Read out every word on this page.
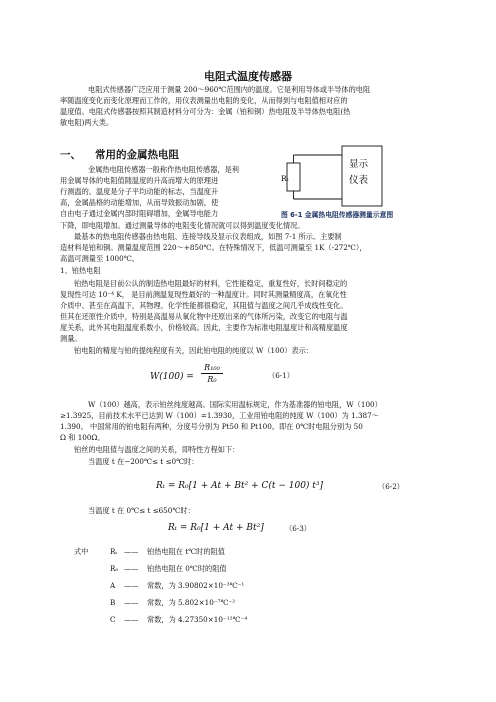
电阻式温度传感器
电阻式传感器广泛应用于测量 200～960℃范围内的温度。它是利用导体或半导体的电阻
率随温度变化而变化原理而工作的，用仪表测量出电阻的变化，从而得到与电阻值相对应的
温度值。电阻式传感器按照其制造材料分可分为：金属（铂和铜）热电阻及半导体热电阻(热
敏电阻)两大类。
一、 常用的金属热电阻
金属热电阻传感器一般称作热电阻传感器，是利
用金属导体的电阻值随温度的升高而增大的原理进
行测温的。温度是分子平均动能的标志，当温度升
高，金属晶格的动能增加，从而导致振动加剧，使
自由电子通过金属内部时阻碍增加，金属导电能力
Rₜ
显示
仪表
图 6-1 金属热电阻传感器测量示意图
下降，即电阻增加。通过测量导体的电阻变化情况就可以得到温度变化情况。
最基本的热电阻传感器由热电阻、连接导线及显示仪表组成，如图 7-1 所示。主要制
造材料是铂和铜。测量温度范围 220～+850℃。在特殊情况下，低温可测量至 1K（-272℃），
高温可测量至 1000℃。
1、铂热电阻
铂热电阻是目前公认的制造热电阻最好的材料，它性能稳定，重复性好，长时间稳定的
复现性可达 10⁻⁴ K， 是目前测温复现性最好的一种温度计。同时其测量精度高，在氧化性
介质中、甚至在高温下，其物理、化学性能都很稳定，其阻值与温度之间几乎成线性变化。
但其在还原性介质中，特别是高温易从氧化物中还原出来的气体所污染，改变它的电阻与温
度关系，此外其电阻温度系数小，价格较高。因此，主要作为标准电阻温度计和高精度温度
测量。
铂电阻的精度与铂的提纯程度有关，因此铂电阻的纯度以 W（100）表示：
W(100) =
R₁₀₀
R₀	（6-1）
W（100）越高，表示铂丝纯度越高。国际实用温标规定，作为基准器的铂电阻，W（100）
≥1.3925，目前技术水平已达到 W（100）=1.3930，工业用铂电阻的纯度 W（100）为 1.387～
1.390。 中国常用的铂电阻有两种，分度号分别为 Pt50 和 Pt100。即在 0℃时电阻分别为 50
Ω 和 100Ω。
铂丝的电阻值与温度之间的关系，即特性方程如下：
当温度 t 在−200℃≤ t ≤0℃时：
Rₜ = R₀[1 + At + Bt² + C(t − 100) t³]	（6-2）
当温度 t 在 0℃≤ t ≤650℃时：
Rₜ = R₀[1 + At + Bt²]	（6-3）
式中	Rₜ —— 铂热电阻在 t℃时的阻值
R₀ —— 铂热电阻在 0℃时的阻值
A —— 常数，为 3.90802×10⁻³℃⁻¹
B —— 常数，为 5.802×10⁻⁷℃⁻²
C —— 常数，为 4.27350×10⁻¹²℃⁻⁴
